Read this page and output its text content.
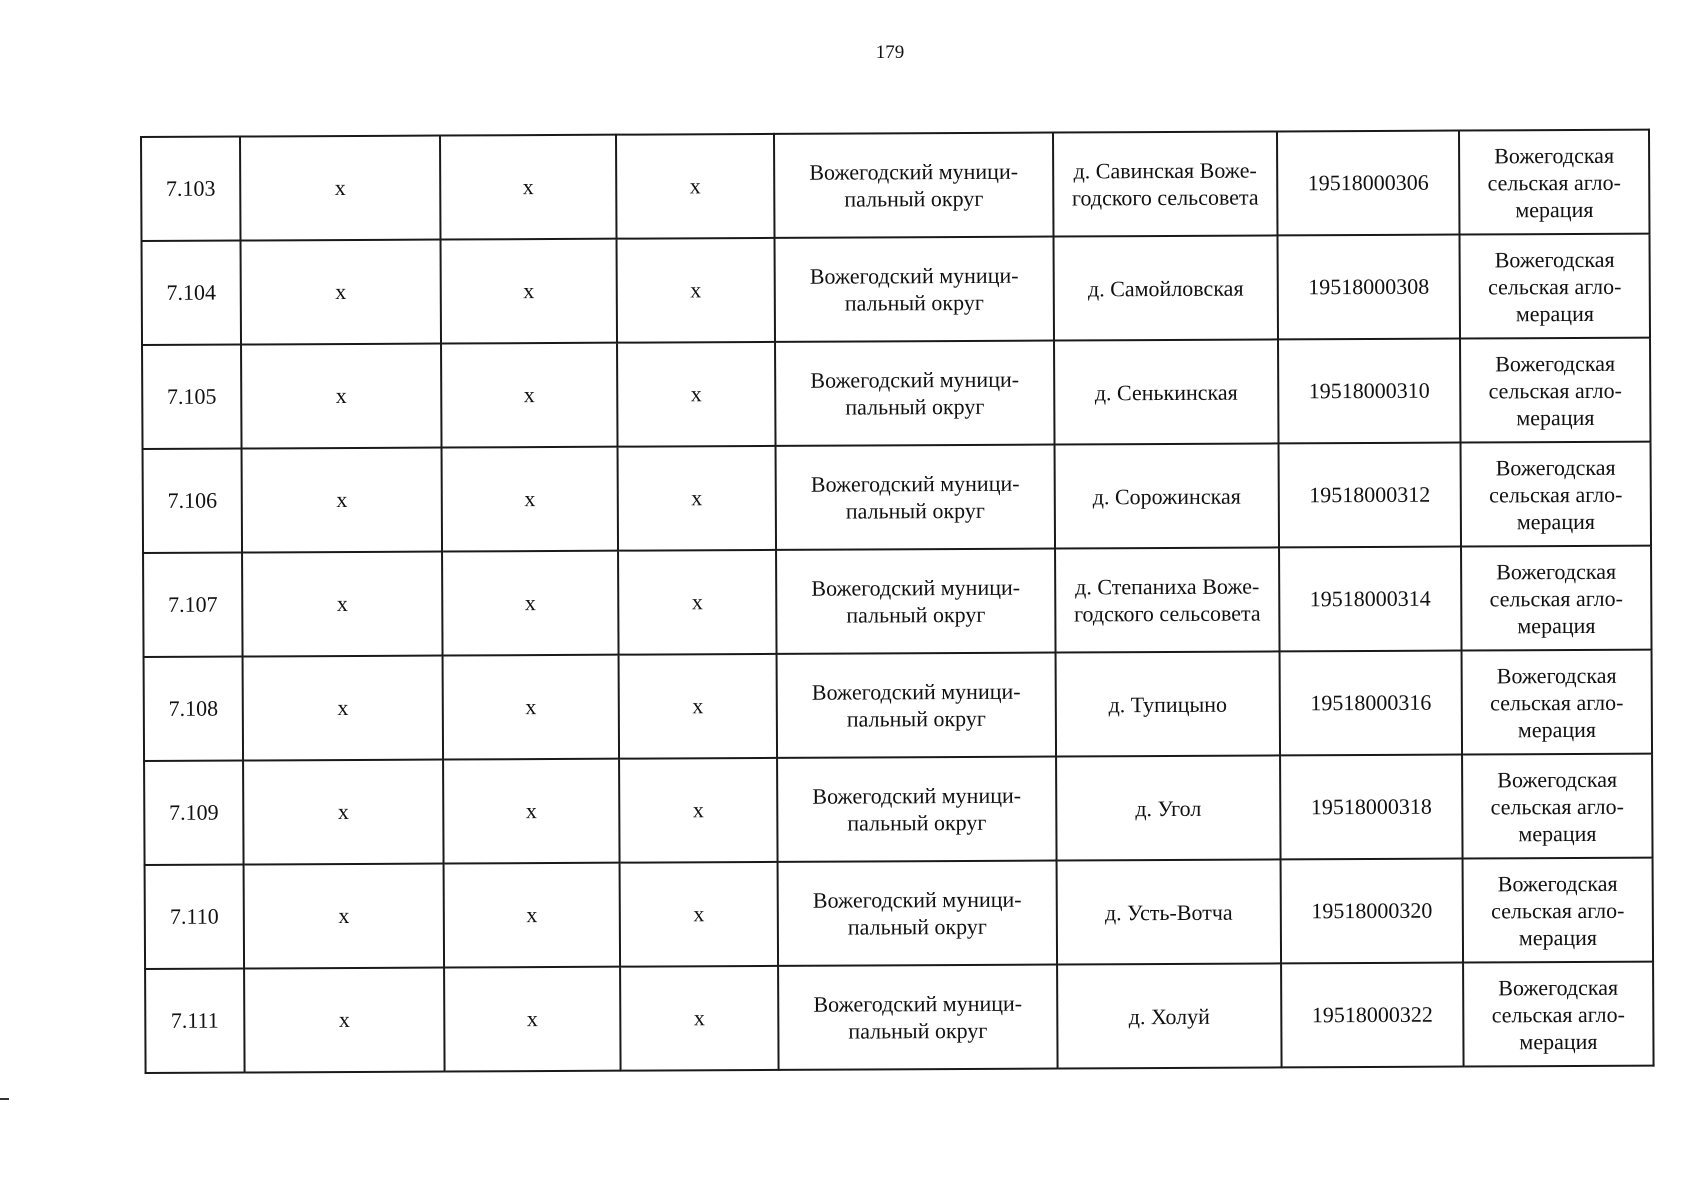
179
7.103	х	х	х	Вожегодский муници-пальный округ	д. Савинская Воже-годского сельсовета	19518000306	Вожегодская сельская агло-мерация
7.104	х	х	х	Вожегодский муници-пальный округ	д. Самойловская	19518000308	Вожегодская сельская агло-мерация
7.105	х	х	х	Вожегодский муници-пальный округ	д. Сенькинская	19518000310	Вожегодская сельская агло-мерация
7.106	х	х	х	Вожегодский муници-пальный округ	д. Сорожинская	19518000312	Вожегодская сельская агло-мерация
7.107	х	х	х	Вожегодский муници-пальный округ	д. Степаниха Воже-годского сельсовета	19518000314	Вожегодская сельская агло-мерация
7.108	х	х	х	Вожегодский муници-пальный округ	д. Тупицыно	19518000316	Вожегодская сельская агло-мерация
7.109	х	х	х	Вожегодский муници-пальный округ	д. Угол	19518000318	Вожегодская сельская агло-мерация
7.110	х	х	х	Вожегодский муници-пальный округ	д. Усть-Вотча	19518000320	Вожегодская сельская агло-мерация
7.111	х	х	х	Вожегодский муници-пальный округ	д. Холуй	19518000322	Вожегодская сельская агло-мерация
